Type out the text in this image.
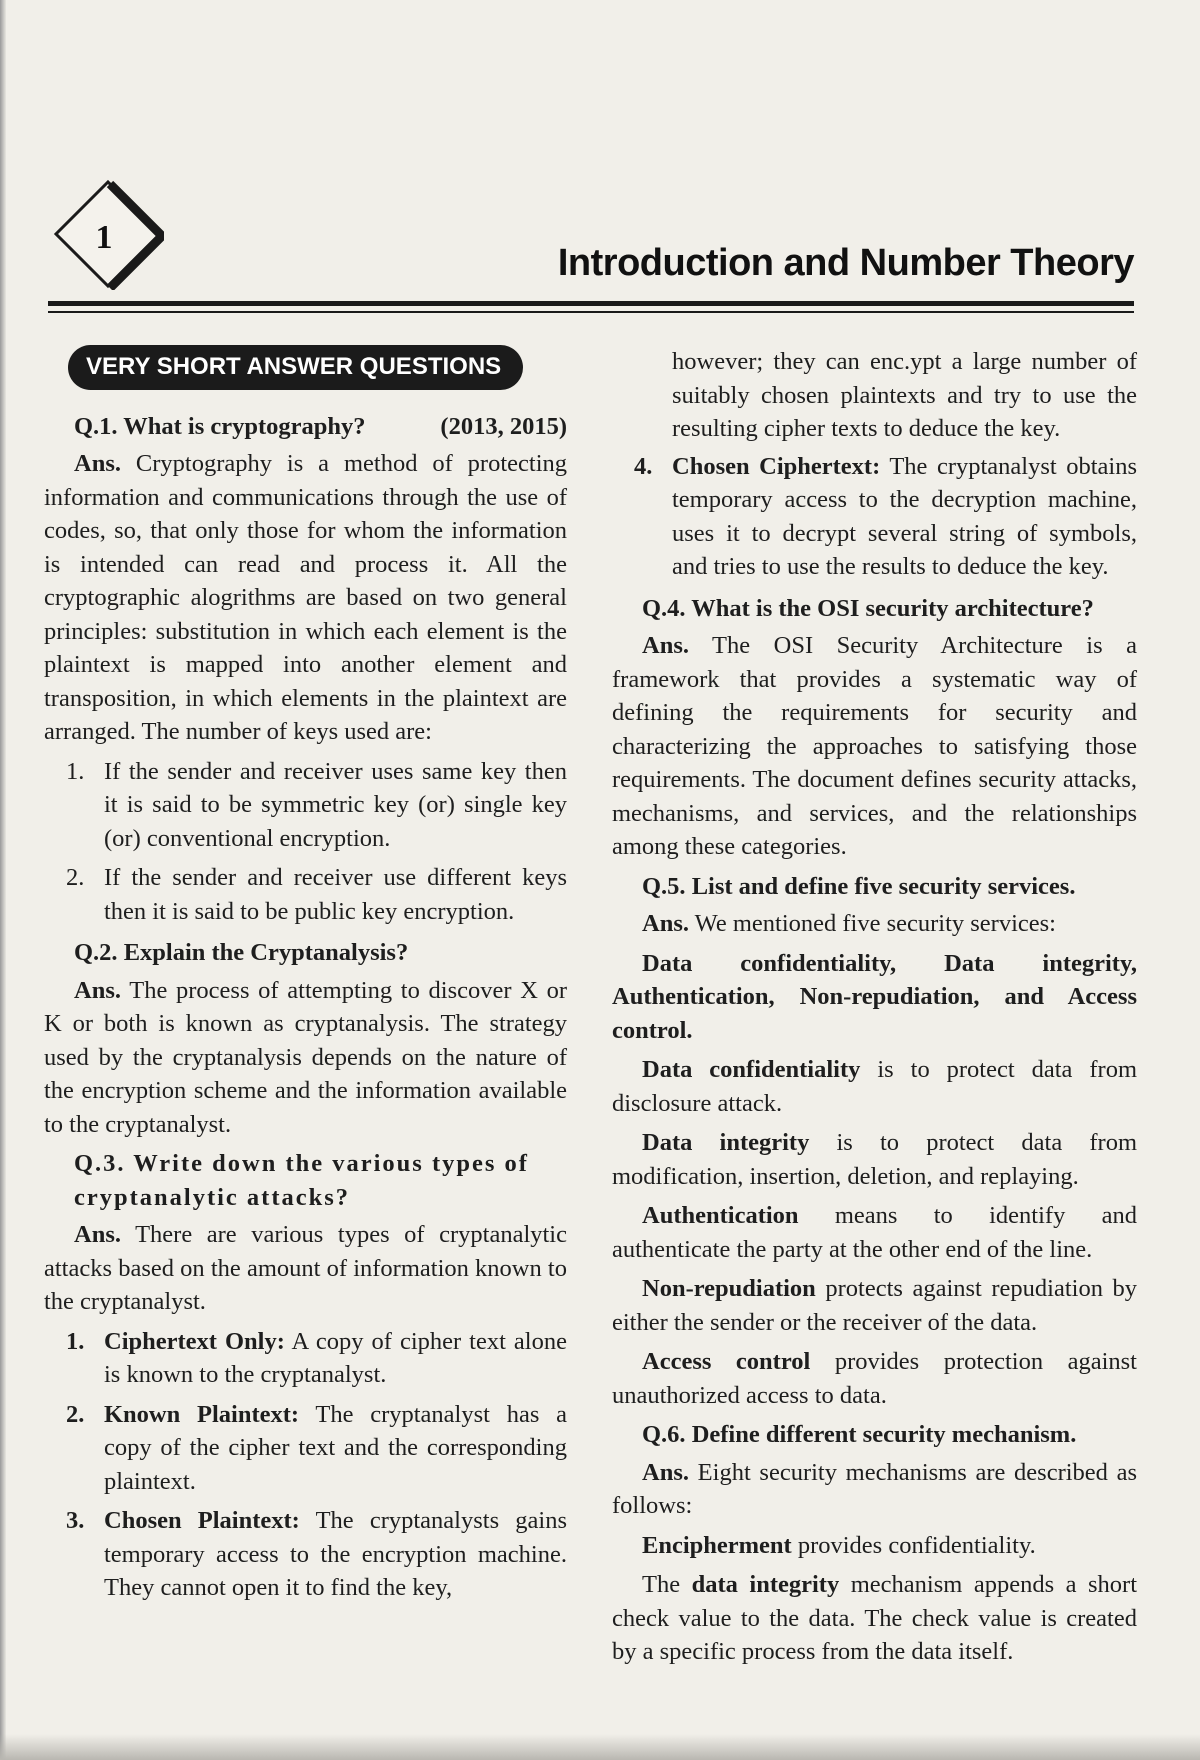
1
Introduction and Number Theory
VERY SHORT ANSWER QUESTIONS
Q.1. What is cryptography?	(2013, 2015)

Ans. Cryptography is a method of protecting information and communications through the use of codes, so, that only those for whom the information is intended can read and process it. All the cryptographic alogrithms are based on two general principles: substitution in which each element is the plaintext is mapped into another element and transposition, in which elements in the plaintext are arranged. The number of keys used are:

1. If the sender and receiver uses same key then it is said to be symmetric key (or) single key (or) conventional encryption.
2. If the sender and receiver use different keys then it is said to be public key encryption.
Q.2. Explain the Cryptanalysis?

Ans. The process of attempting to discover X or K or both is known as cryptanalysis. The strategy used by the cryptanalysis depends on the nature of the encryption scheme and the information available to the cryptanalyst.

Q.3. Write down the various types of cryptanalytic attacks?

Ans. There are various types of cryptanalytic attacks based on the amount of information known to the cryptanalyst.

1. Ciphertext Only: A copy of cipher text alone is known to the cryptanalyst.
2. Known Plaintext: The cryptanalyst has a copy of the cipher text and the corresponding plaintext.
3. Chosen Plaintext: The cryptanalysts gains temporary access to the encryption machine. They cannot open it to find the key,
however; they can enc.ypt a large number of suitably chosen plaintexts and try to use the resulting cipher texts to deduce the key.
4. Chosen Ciphertext: The cryptanalyst obtains temporary access to the decryption machine, uses it to decrypt several string of symbols, and tries to use the results to deduce the key.
Q.4. What is the OSI security architecture?

Ans. The OSI Security Architecture is a framework that provides a systematic way of defining the requirements for security and characterizing the approaches to satisfying those requirements. The document defines security attacks, mechanisms, and services, and the relationships among these categories.

Q.5. List and define five security services.

Ans. We mentioned five security services:

Data confidentiality, Data integrity, Authentication, Non-repudiation, and Access control.

Data confidentiality is to protect data from disclosure attack.

Data integrity is to protect data from modification, insertion, deletion, and replaying.

Authentication means to identify and authenticate the party at the other end of the line.

Non-repudiation protects against repudiation by either the sender or the receiver of the data.

Access control provides protection against unauthorized access to data.

Q.6. Define different security mechanism.

Ans. Eight security mechanisms are described as follows:

Encipherment provides confidentiality.

The data integrity mechanism appends a short check value to the data. The check value is created by a specific process from the data itself.
